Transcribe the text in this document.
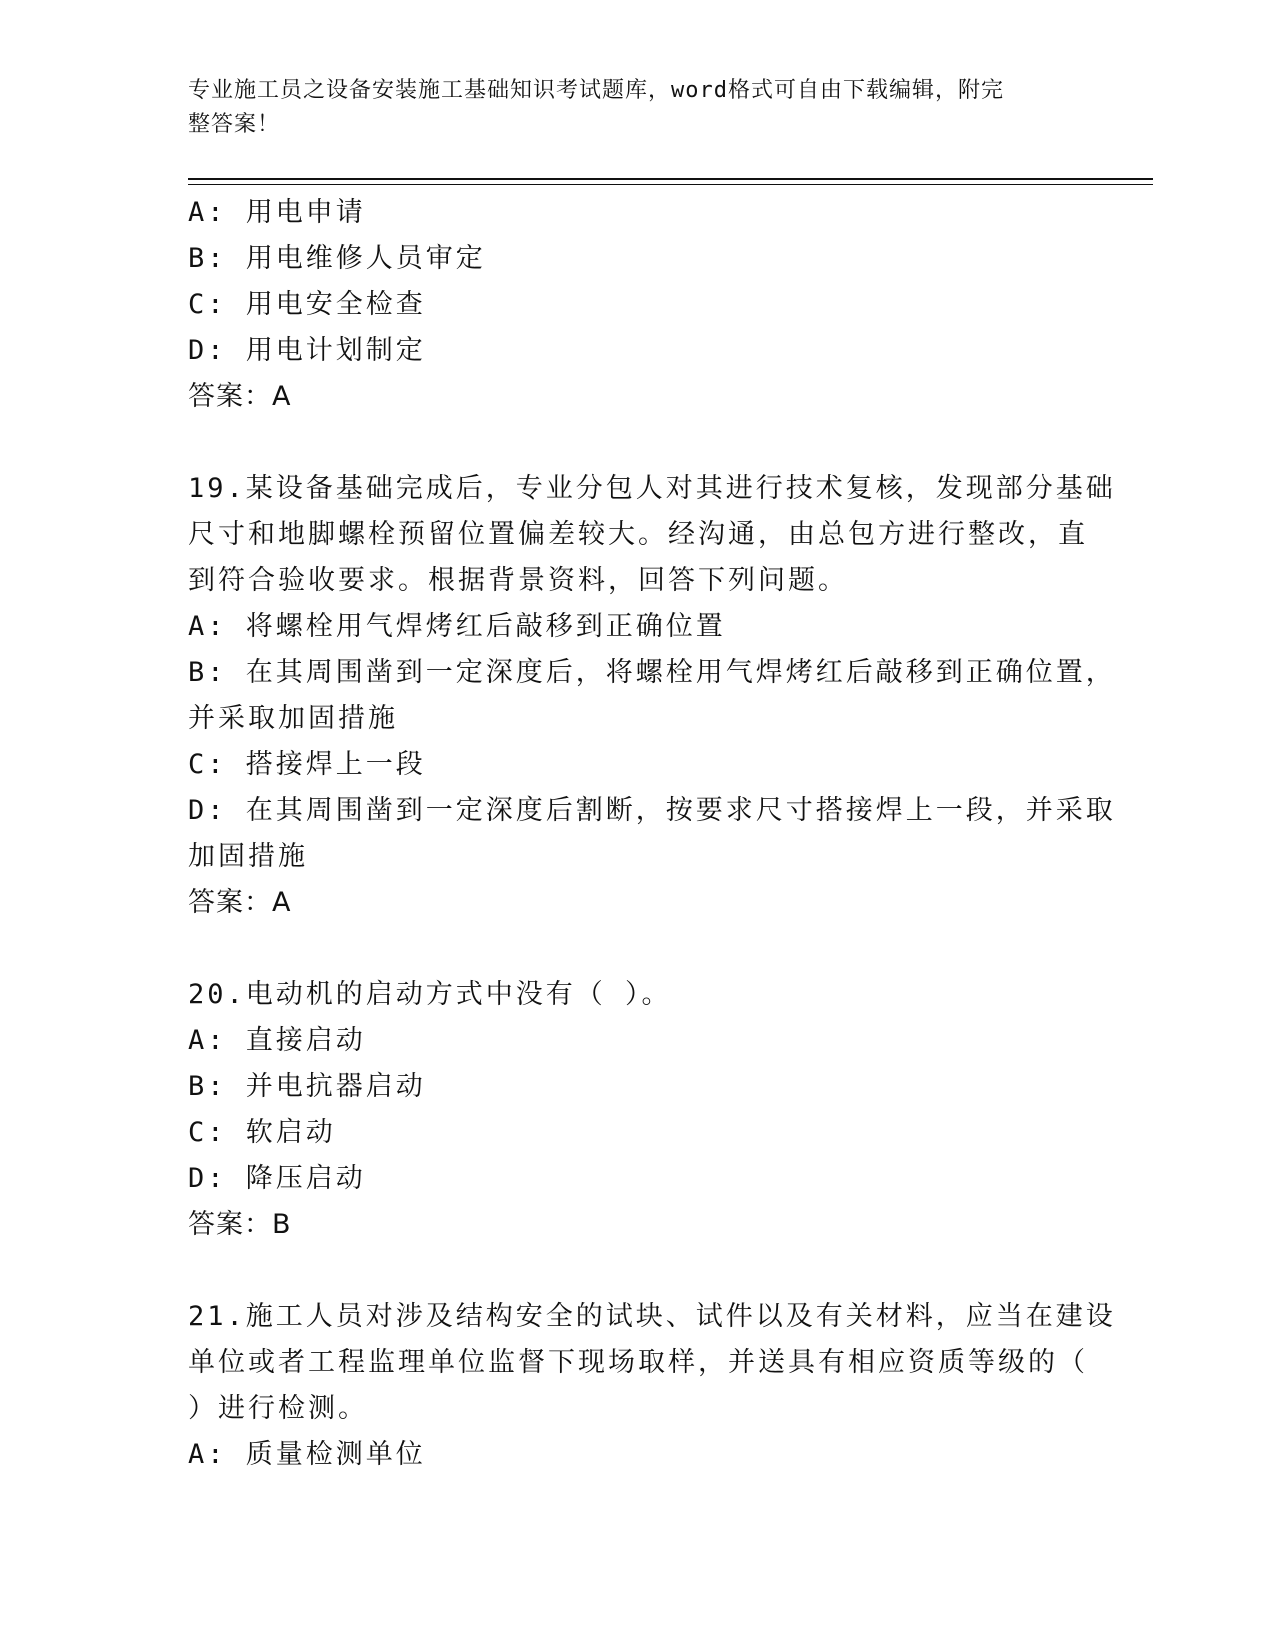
专业施工员之设备安装施工基础知识考试题库，word格式可自由下载编辑，附完
整答案！
A: 用电申请
B: 用电维修人员审定
C: 用电安全检查
D: 用电计划制定
答案：A
19.某设备基础完成后，专业分包人对其进行技术复核，发现部分基础
尺寸和地脚螺栓预留位置偏差较大。经沟通，由总包方进行整改，直
到符合验收要求。根据背景资料，回答下列问题。
A: 将螺栓用气焊烤红后敲移到正确位置
B: 在其周围凿到一定深度后，将螺栓用气焊烤红后敲移到正确位置，
并采取加固措施
C: 搭接焊上一段
D: 在其周围凿到一定深度后割断，按要求尺寸搭接焊上一段，并采取
加固措施
答案：A
20.电动机的启动方式中没有（ ）。
A: 直接启动
B: 并电抗器启动
C: 软启动
D: 降压启动
答案：B
21.施工人员对涉及结构安全的试块、试件以及有关材料，应当在建设
单位或者工程监理单位监督下现场取样，并送具有相应资质等级的（
）进行检测。
A: 质量检测单位
